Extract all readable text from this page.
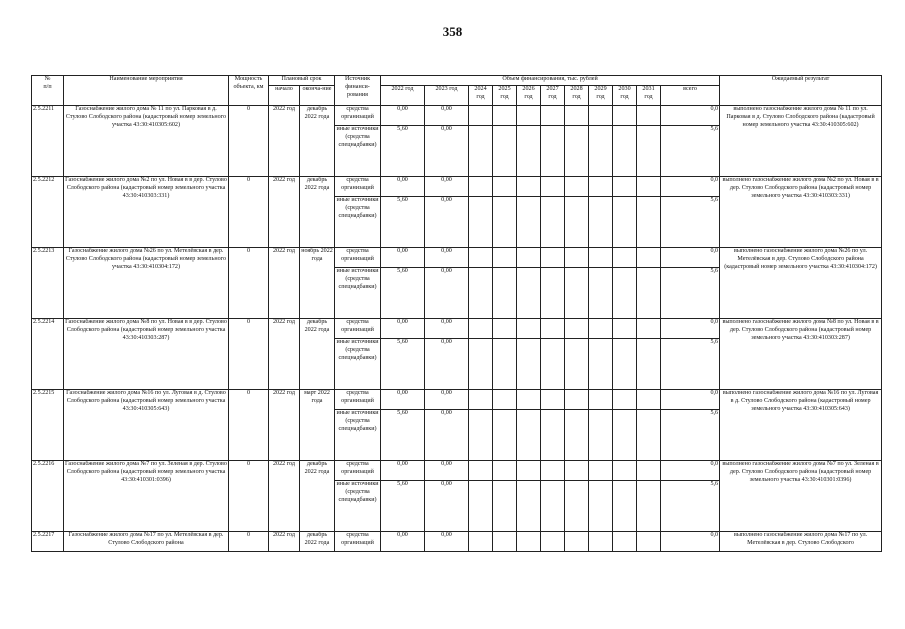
358
№
п/п	Наименование мероприятия	Мощность объекта, км	Плановый срок		Источник финанси-рования	Объем финансирования, тыс. рублей											Ожидаемый результат
			начало	оконча-ние		2022 год	2023 год	2024 год	2025 год	2026 год	2027 год	2028 год	2029 год	2030 год	2031 год	всего	
2.5.2211	Газоснабжение жилого дома № 11 по ул. Парковая в д. Стулово Слободского района (кадастровый номер земельного участка 43:30:410305:602)	0	2022 год	декабрь 2022 года	средства организаций	0,00	0,00									0,0	выполнено газоснабжение жилого дома № 11 по ул. Парковая в д. Стулово Слободского района (кадастровый номер земельного участка 43:30:410305:602)
					иные источники (средства спецнадбавки)	5,60	0,00									5,6	
2.5.2212	Газоснабжение жилого дома №2 по ул. Новая в в дер. Стулово Слободского района (кадастровый номер земельного участка 43:30:410303:331)	0	2022 год	декабрь 2022 года	средства организаций	0,00	0,00									0,0	выполнено газоснабжение жилого дома №2 по ул. Новая в в дер. Стулово Слободского района (кадастровый номер земельного участка 43:30:410303:331)
					иные источники (средства спецнадбавки)	5,60	0,00									5,6	
2.5.2213	Газоснабжение жилого дома №26 по ул. Метелёвская в дер. Стулово Слободского района (кадастровый номер земельного участка 43:30:410304:172)	0	2022 год	ноябрь 2022 года	средства организаций	0,00	0,00									0,0	выполнено газоснабжение жилого дома №26 по ул. Метелёвская в дер. Стулово Слободского района (кадастровый номер земельного участка 43:30:410304:172)
					иные источники (средства спецнадбавки)	5,60	0,00									5,6	
2.5.2214	Газоснабжение жилого дома №8 по ул. Новая в в дер. Стулово Слободского района (кадастровый номер земельного участка 43:30:410303:287)	0	2022 год	декабрь 2022 года	средства организаций	0,00	0,00									0,0	выполнено газоснабжение жилого дома №8 по ул. Новая в в дер. Стулово Слободского района (кадастровый номер земельного участка 43:30:410303:287)
					иные источники (средства спецнадбавки)	5,60	0,00									5,6	
2.5.2215	Газоснабжение жилого дома №16 по ул. Луговая в д. Стулово Слободского района (кадастровый номер земельного участка 43:30:410305:643)	0	2022 год	март 2022 года	средства организаций	0,00	0,00									0,0	выполнено газоснабжение жилого дома №16 по ул. Луговая в д. Стулово Слободского района (кадастровый номер земельного участка 43:30:410305:643)
					иные источники (средства спецнадбавки)	5,60	0,00									5,6	
2.5.2216	Газоснабжение жилого дома №7 по ул. Зеленая в дер. Стулово Слободского района (кадастровый номер земельного участка 43:30:410301:0396)	0	2022 год	декабрь 2022 года	средства организаций	0,00	0,00									0,0	выполнено газоснабжение жилого дома №7 по ул. Зеленая в дер. Стулово Слободского района (кадастровый номер земельного участка 43:30:410301:0396)
					иные источники (средства спецнадбавки)	5,60	0,00									5,6	
2.5.2217	Газоснабжение жилого дома №17 по ул. Метелёвская в дер. Стулово Слободского района	0	2022 год	декабрь 2022 года	средства организаций	0,00	0,00									0,0	выполнено газоснабжение жилого дома №17 по ул. Метелёвская в дер. Стулово Слободского
